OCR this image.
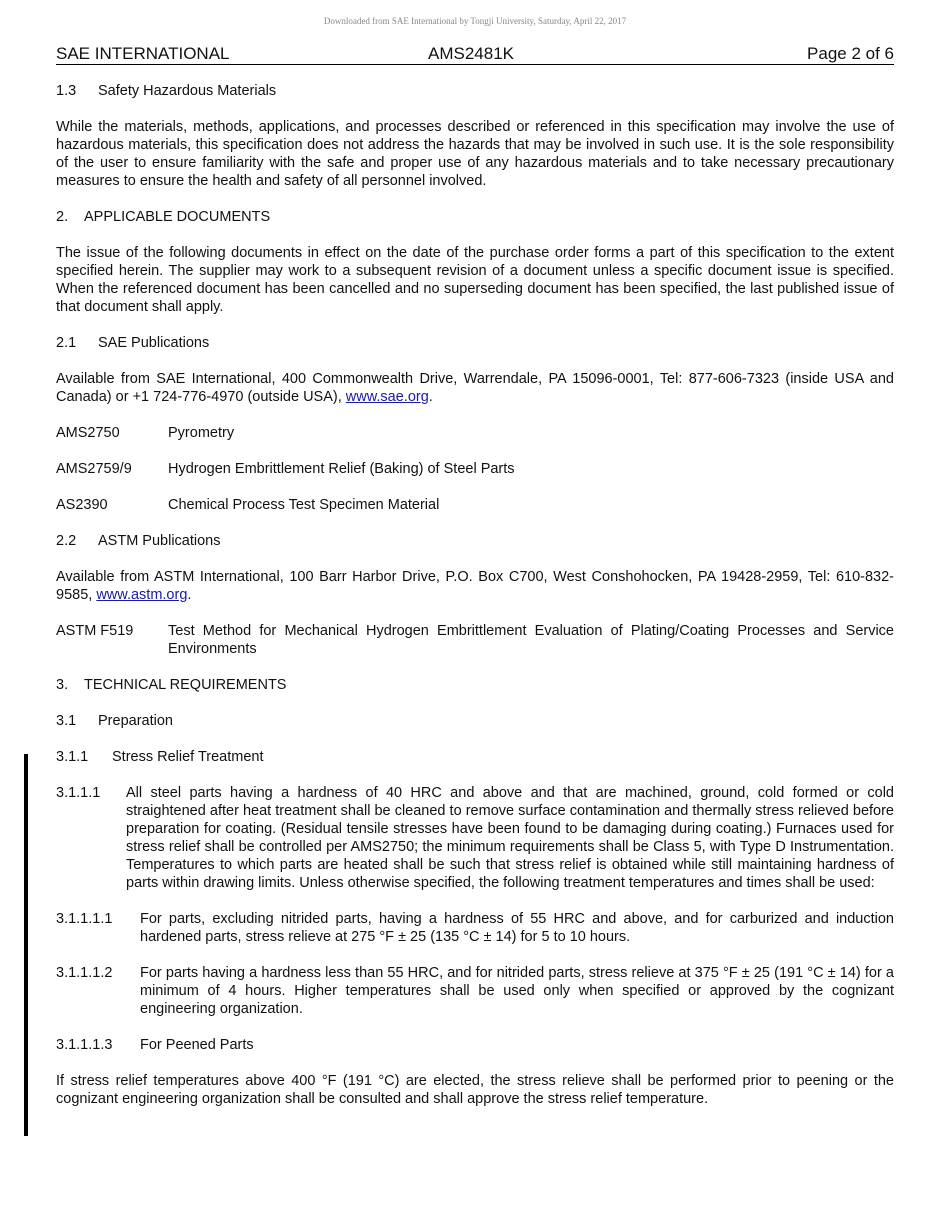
Downloaded from SAE International by Tongji University, Saturday, April 22, 2017
SAE INTERNATIONAL	AMS2481K	Page 2 of 6
1.3 Safety Hazardous Materials

While the materials, methods, applications, and processes described or referenced in this specification may involve the use of hazardous materials, this specification does not address the hazards that may be involved in such use. It is the sole responsibility of the user to ensure familiarity with the safe and proper use of any hazardous materials and to take necessary precautionary measures to ensure the health and safety of all personnel involved.

2. APPLICABLE DOCUMENTS

The issue of the following documents in effect on the date of the purchase order forms a part of this specification to the extent specified herein. The supplier may work to a subsequent revision of a document unless a specific document issue is specified. When the referenced document has been cancelled and no superseding document has been specified, the last published issue of that document shall apply.

2.1 SAE Publications

Available from SAE International, 400 Commonwealth Drive, Warrendale, PA 15096-0001, Tel: 877-606-7323 (inside USA and Canada) or +1 724-776-4970 (outside USA), www.sae.org.

AMS2750	Pyrometry
AMS2759/9	Hydrogen Embrittlement Relief (Baking) of Steel Parts
AS2390	Chemical Process Test Specimen Material
2.2 ASTM Publications

Available from ASTM International, 100 Barr Harbor Drive, P.O. Box C700, West Conshohocken, PA 19428-2959, Tel: 610-832-9585, www.astm.org.

ASTM F519	Test Method for Mechanical Hydrogen Embrittlement Evaluation of Plating/Coating Processes and Service Environments
3. TECHNICAL REQUIREMENTS
3.1 Preparation
3.1.1 Stress Relief Treatment
3.1.1.1	All steel parts having a hardness of 40 HRC and above and that are machined, ground, cold formed or cold straightened after heat treatment shall be cleaned to remove surface contamination and thermally stress relieved before preparation for coating. (Residual tensile stresses have been found to be damaging during coating.) Furnaces used for stress relief shall be controlled per AMS2750; the minimum requirements shall be Class 5, with Type D Instrumentation. Temperatures to which parts are heated shall be such that stress relief is obtained while still maintaining hardness of parts within drawing limits. Unless otherwise specified, the following treatment temperatures and times shall be used:
3.1.1.1.1	For parts, excluding nitrided parts, having a hardness of 55 HRC and above, and for carburized and induction hardened parts, stress relieve at 275 °F ± 25 (135 °C ± 14) for 5 to 10 hours.
3.1.1.1.2	For parts having a hardness less than 55 HRC, and for nitrided parts, stress relieve at 375 °F ± 25 (191 °C ± 14) for a minimum of 4 hours. Higher temperatures shall be used only when specified or approved by the cognizant engineering organization.
3.1.1.1.3	For Peened Parts

If stress relief temperatures above 400 °F (191 °C) are elected, the stress relieve shall be performed prior to peening or the cognizant engineering organization shall be consulted and shall approve the stress relief temperature.
